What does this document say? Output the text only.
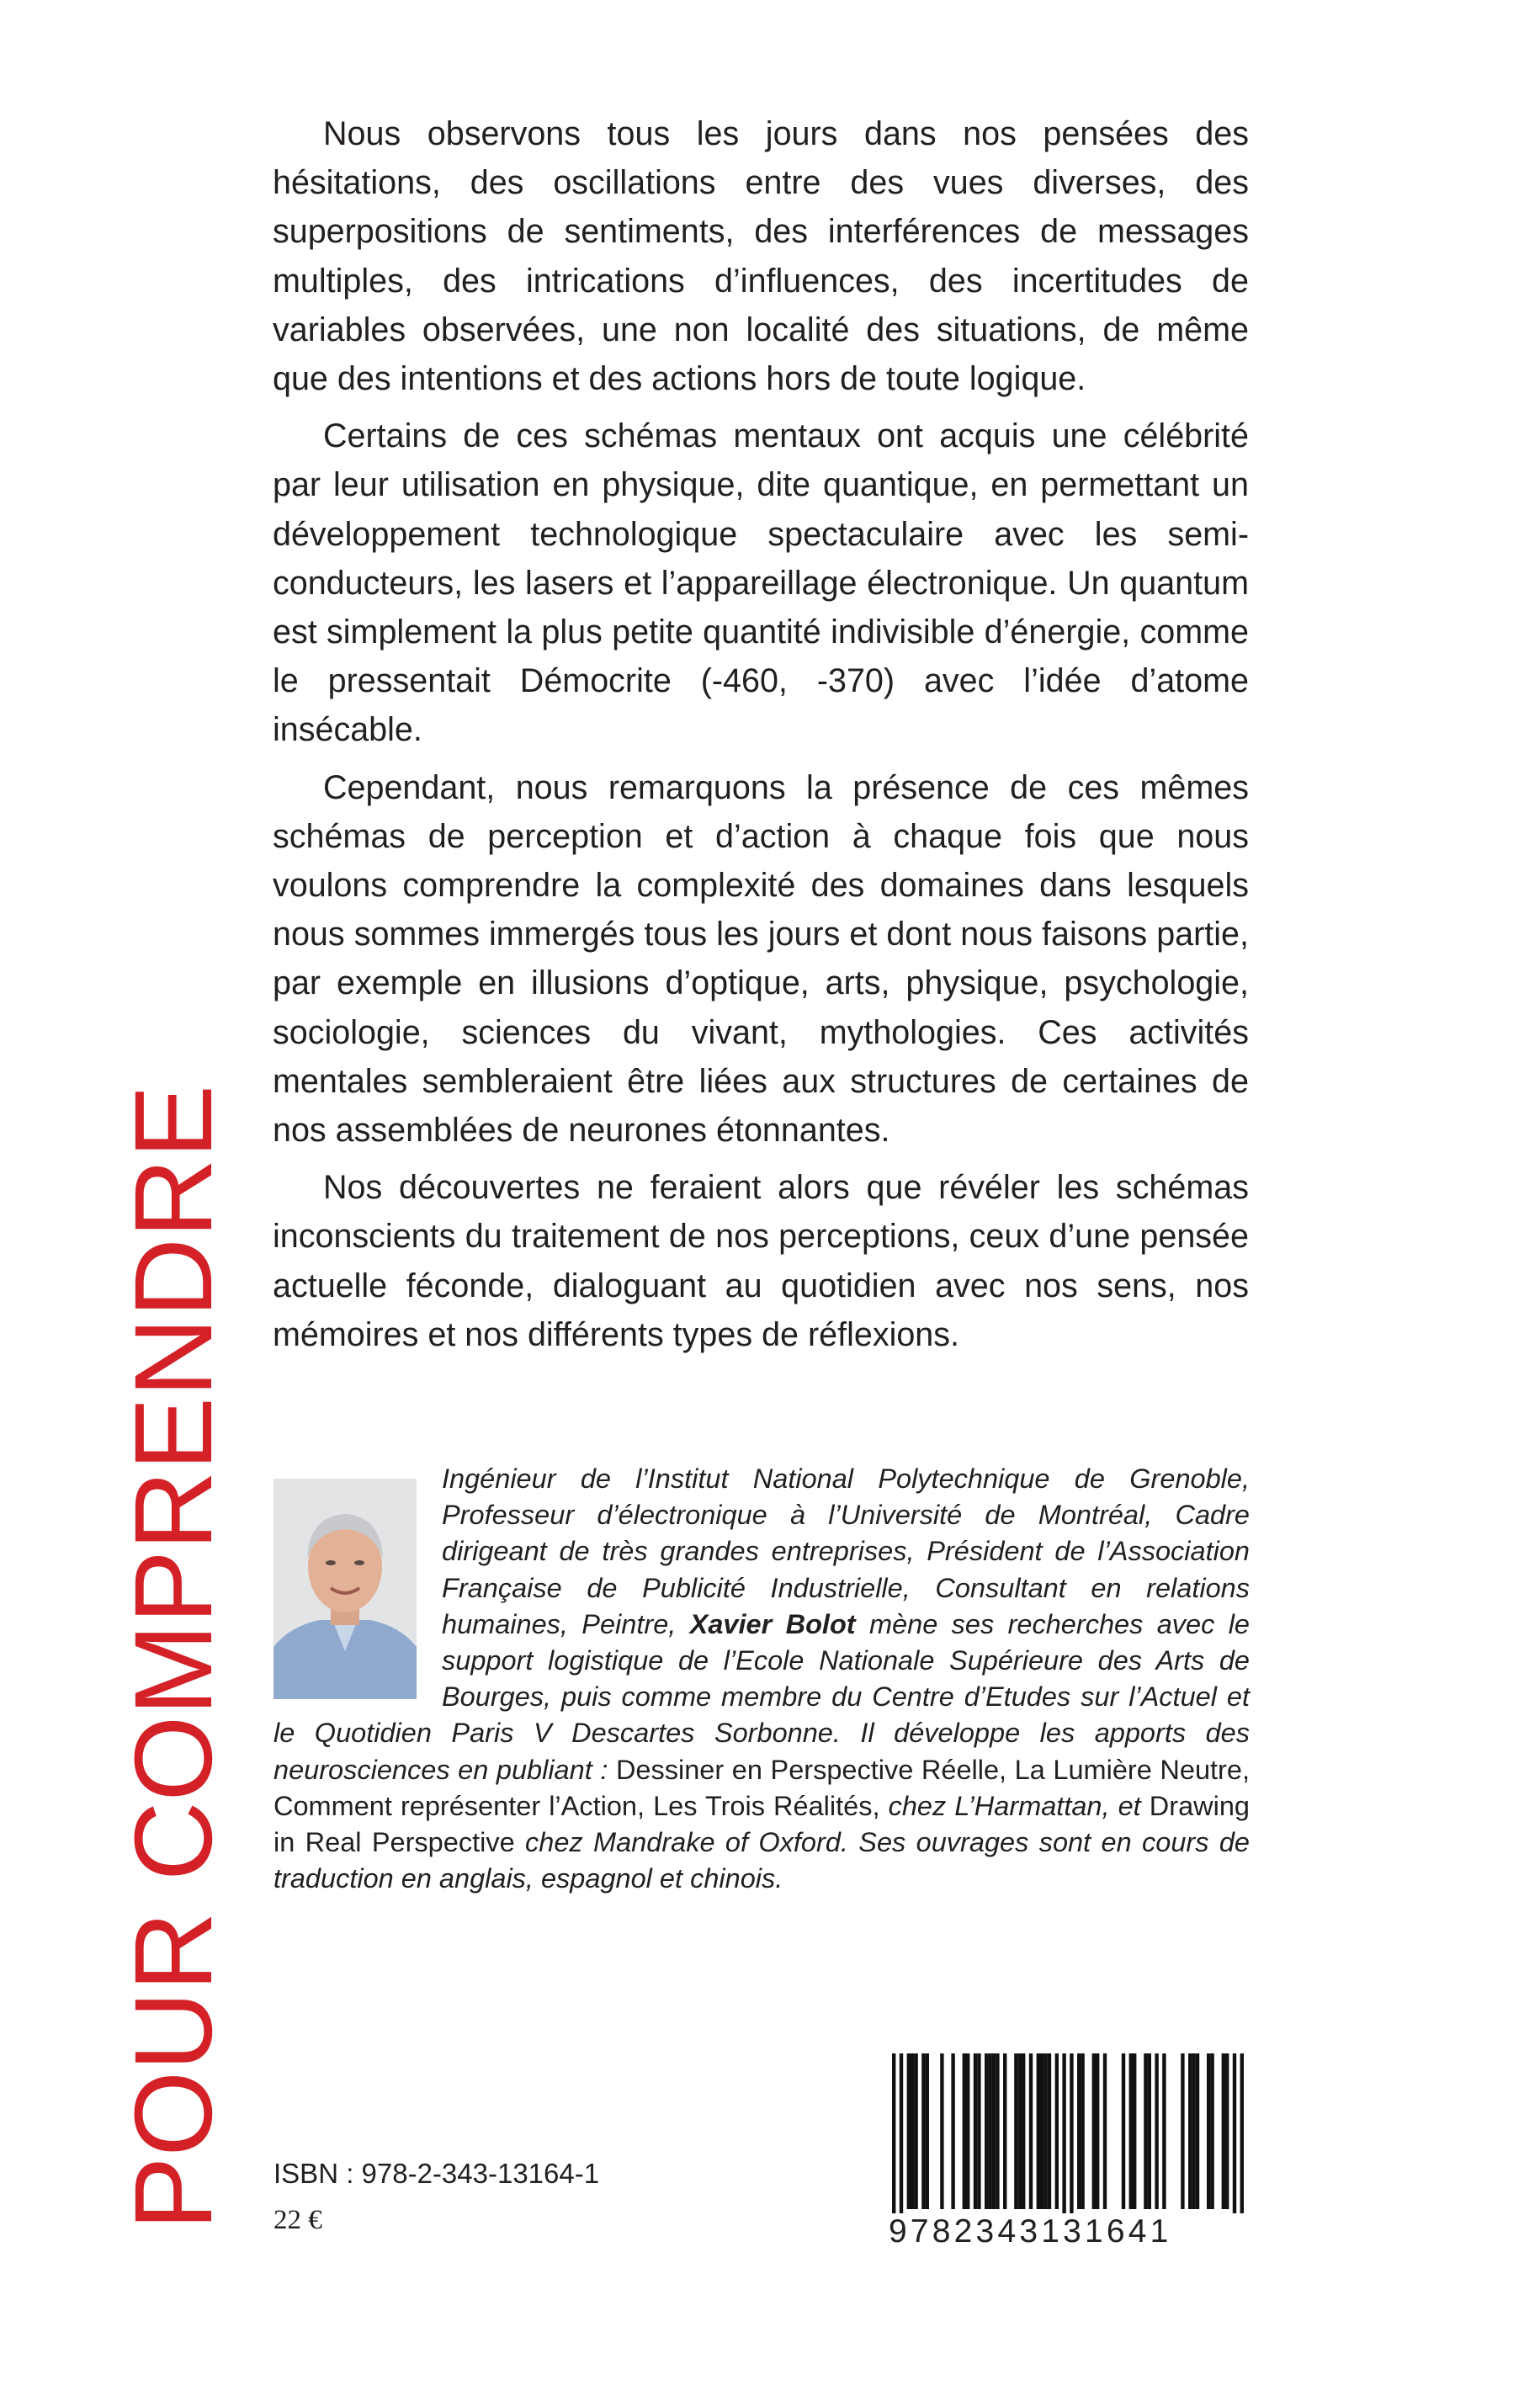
POUR COMPRENDRE

Nous observons tous les jours dans nos pensées des hésitations, des oscillations entre des vues diverses, des superpositions de sentiments, des interférences de messages multiples, des intrications d’influences, des incertitudes de variables observées, une non localité des situations, de même que des intentions et des actions hors de toute logique.

Certains de ces schémas mentaux ont acquis une célébrité par leur utilisation en physique, dite quantique, en permettant un développement technologique spectaculaire avec les semi-conducteurs, les lasers et l’appareillage électronique. Un quantum est simplement la plus petite quantité indivisible d’énergie, comme le pressentait Démocrite (-460, -370) avec l’idée d’atome insécable.

Cependant, nous remarquons la présence de ces mêmes schémas de perception et d’action à chaque fois que nous voulons comprendre la complexité des domaines dans lesquels nous sommes immergés tous les jours et dont nous faisons partie, par exemple en illusions d’optique, arts, physique, psychologie, sociologie, sciences du vivant, mythologies. Ces activités mentales sembleraient être liées aux structures de certaines de nos assemblées de neurones étonnantes.

Nos découvertes ne feraient alors que révéler les schémas inconscients du traitement de nos perceptions, ceux d’une pensée actuelle féconde, dialoguant au quotidien avec nos sens, nos mémoires et nos différents types de réflexions.

Ingénieur de l’Institut National Polytechnique de Grenoble, Professeur d’électronique à l’Université de Montréal, Cadre dirigeant de très grandes entreprises, Président de l’Association Française de Publicité Industrielle, Consultant en relations humaines, Peintre, Xavier Bolot mène ses recherches avec le support logistique de l’Ecole Nationale Supérieure des Arts de Bourges, puis comme membre du Centre d’Etudes sur l’Actuel et le Quotidien Paris V Descartes Sorbonne. Il développe les apports des neurosciences en publiant : Dessiner en Perspective Réelle, La Lumière Neutre, Comment représenter l’Action, Les Trois Réalités, chez L’Harmattan, et Drawing in Real Perspective chez Mandrake of Oxford. Ses ouvrages sont en cours de traduction en anglais, espagnol et chinois.
ISBN : 978-2-343-13164-1
22 €	9782343131641
